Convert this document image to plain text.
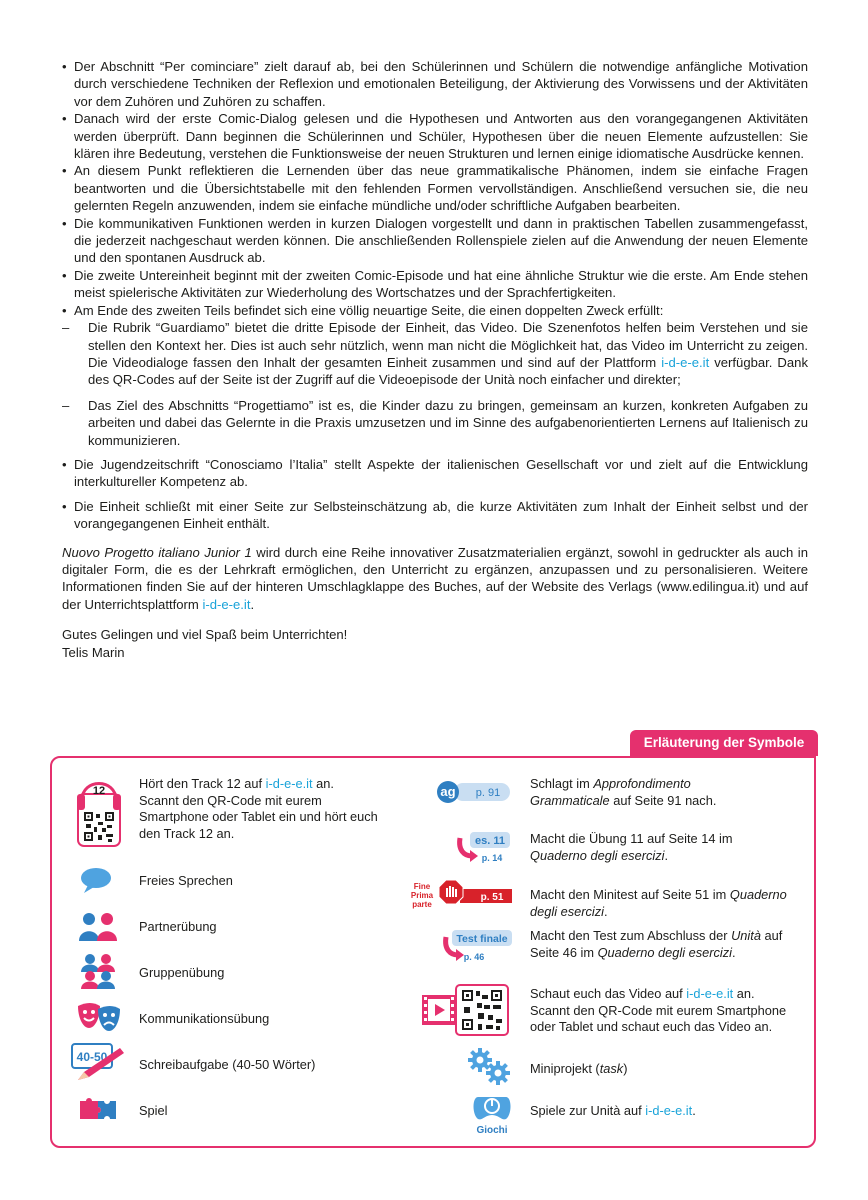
• Der Abschnitt “Per cominciare” zielt darauf ab, bei den Schülerinnen und Schülern die notwendige anfängliche Motivation durch verschiedene Techniken der Reflexion und emotionalen Beteiligung, der Aktivierung des Vorwissens und der Aktivitäten vor dem Zuhören und Zuhören zu schaffen.
• Danach wird der erste Comic-Dialog gelesen und die Hypothesen und Antworten aus den vorangegangenen Aktivitäten werden überprüft. Dann beginnen die Schülerinnen und Schüler, Hypothesen über die neuen Elemente aufzustellen: Sie klären ihre Bedeutung, verstehen die Funktionsweise der neuen Strukturen und lernen einige idiomatische Ausdrücke kennen.
• An diesem Punkt reflektieren die Lernenden über das neue grammatikalische Phänomen, indem sie einfache Fragen beantworten und die Übersichtstabelle mit den fehlenden Formen vervollständigen. Anschließend versuchen sie, die neu gelernten Regeln anzuwenden, indem sie einfache mündliche und/oder schriftliche Aufgaben bearbeiten.
• Die kommunikativen Funktionen werden in kurzen Dialogen vorgestellt und dann in praktischen Tabellen zusammengefasst, die jederzeit nachgeschaut werden können. Die anschließenden Rollenspiele zielen auf die Anwendung der neuen Elemente und den spontanen Ausdruck ab.
• Die zweite Untereinheit beginnt mit der zweiten Comic-Episode und hat eine ähnliche Struktur wie die erste. Am Ende stehen meist spielerische Aktivitäten zur Wiederholung des Wortschatzes und der Sprachfertigkeiten.
• Am Ende des zweiten Teils befindet sich eine völlig neuartige Seite, die einen doppelten Zweck erfüllt:
– Die Rubrik “Guardiamo” bietet die dritte Episode der Einheit, das Video. Die Szenenfotos helfen beim Verstehen und sie stellen den Kontext her. Dies ist auch sehr nützlich, wenn man nicht die Möglichkeit hat, das Video im Unterricht zu zeigen. Die Videodialoge fassen den Inhalt der gesamten Einheit zusammen und sind auf der Plattform i-d-e-e.it verfügbar. Dank des QR-Codes auf der Seite ist der Zugriff auf die Videoepisode der Unità noch einfacher und direkter;
– Das Ziel des Abschnitts “Progettiamo” ist es, die Kinder dazu zu bringen, gemeinsam an kurzen, konkreten Aufgaben zu arbeiten und dabei das Gelernte in die Praxis umzusetzen und im Sinne des aufgabenorientierten Lernens auf Italienisch zu kommunizieren.
• Die Jugendzeitschrift “Conosciamo l’Italia” stellt Aspekte der italienischen Gesellschaft vor und zielt auf die Entwicklung interkultureller Kompetenz ab.
• Die Einheit schließt mit einer Seite zur Selbsteinschätzung ab, die kurze Aktivitäten zum Inhalt der Einheit selbst und der vorangegangenen Einheit enthält.

Nuovo Progetto italiano Junior 1 wird durch eine Reihe innovativer Zusatzmaterialien ergänzt, sowohl in gedruckter als auch in digitaler Form, die es der Lehrkraft ermöglichen, den Unterricht zu ergänzen, anzupassen und zu personalisieren. Weitere Informationen finden Sie auf der hinteren Umschlagklappe des Buches, auf der Website des Verlags (www.edilingua.it) und auf der Unterrichtsplattform i-d-e-e.it.

Gutes Gelingen und viel Spaß beim Unterrichten!
Telis Marin
Erläuterung der Symbole
12	Hört den Track 12 auf i-d-e-e.it an.
Scannt den QR-Code mit eurem Smartphone oder Tablet ein und hört euch den Track 12 an.
Freies Sprechen
Partnerübung
Gruppenübung
Kommunikationsübung
40-50 Schreibaufgabe (40-50 Wörter)
Spiel
ag p. 91
Schlagt im Approfondimento Grammaticale auf Seite 91 nach.
es. 11
p. 14
Macht die Übung 11 auf Seite 14 im Quaderno degli esercizi.
Fine
Prima
parte
p. 51 Macht den Minitest auf Seite 51 im Quaderno degli esercizi.
Test finale
p. 46
Macht den Test zum Abschluss der Unità auf Seite 46 im Quaderno degli esercizi.
Schaut euch das Video auf i-d-e-e.it an.
Scannt den QR-Code mit eurem Smartphone oder Tablet und schaut euch das Video an.
Miniprojekt (task)
Giochi
Spiele zur Unità auf i-d-e-e.it.
